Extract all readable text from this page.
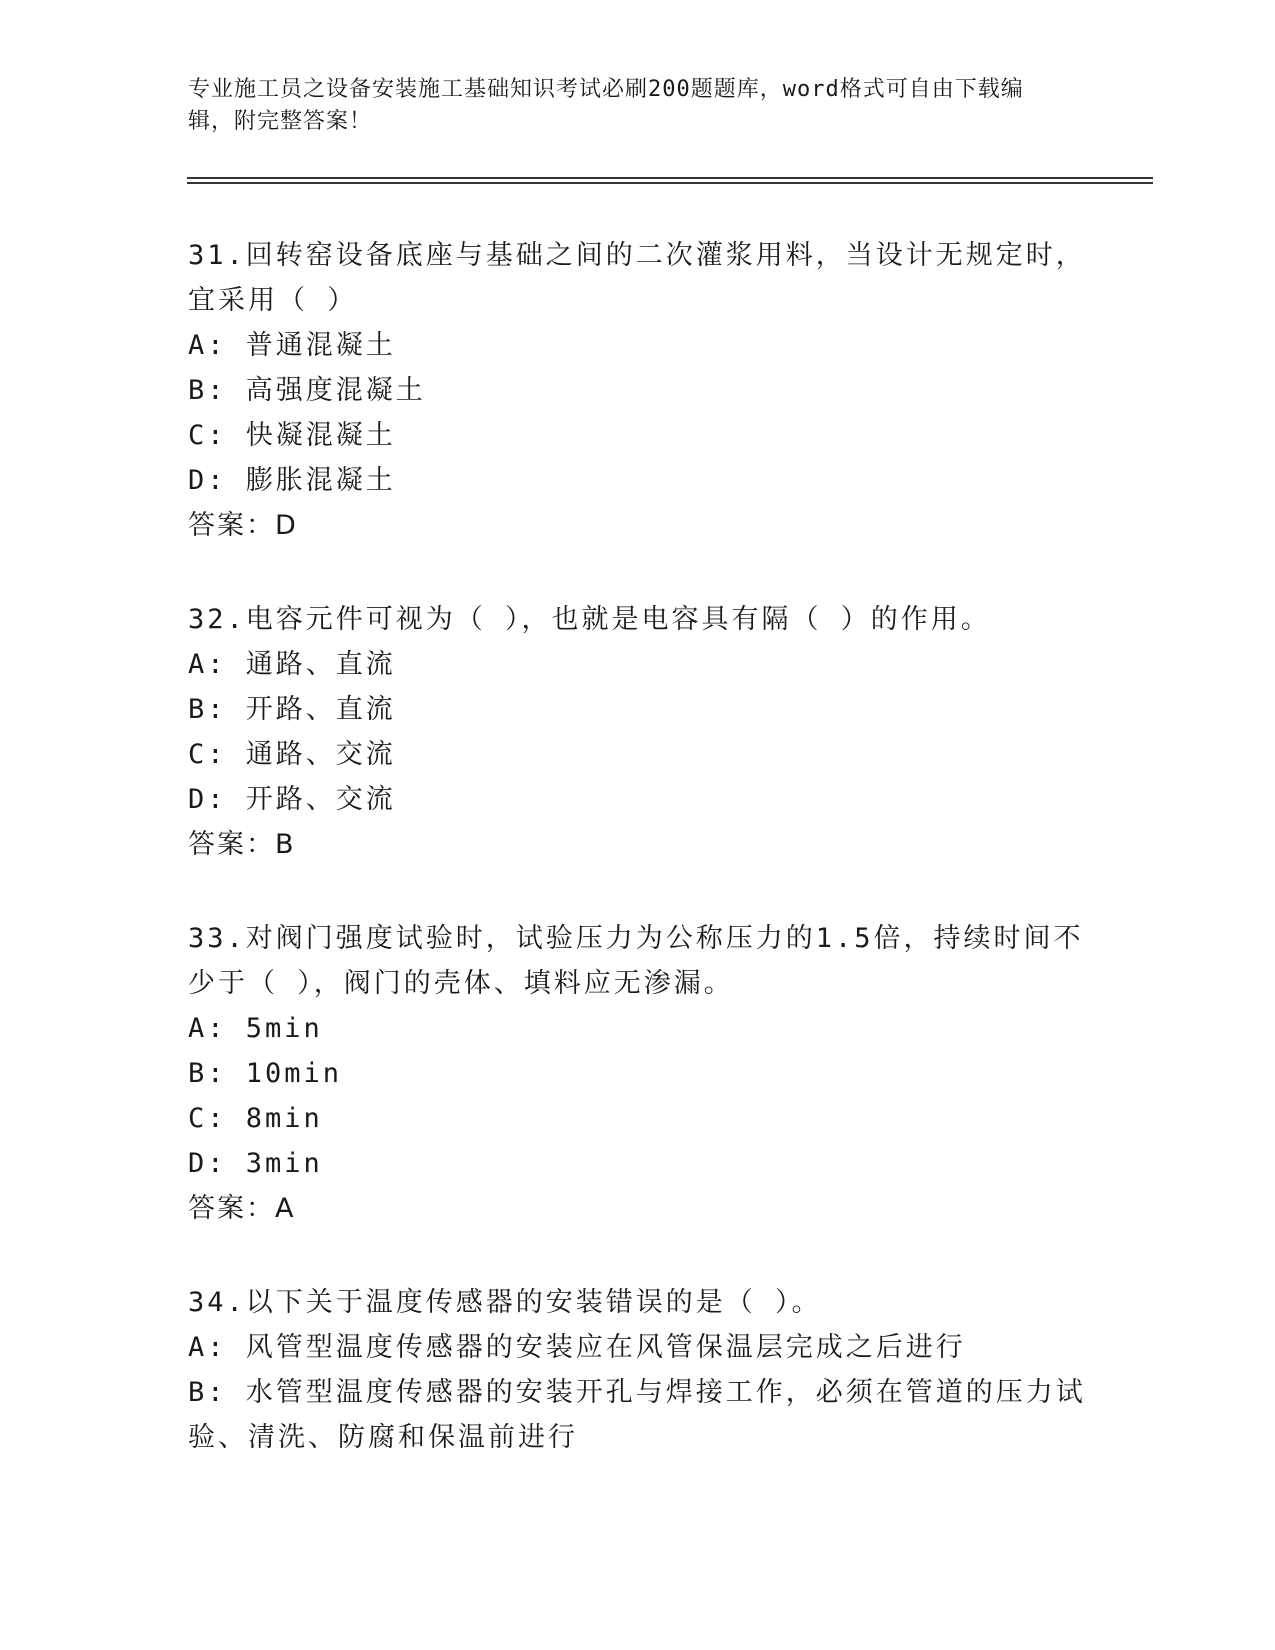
专业施工员之设备安装施工基础知识考试必刷200题题库，word格式可自由下载编辑，附完整答案！
31.回转窑设备底座与基础之间的二次灌浆用料，当设计无规定时，宜采用（ ）
A: 普通混凝土
B: 高强度混凝土
C: 快凝混凝土
D: 膨胀混凝土
答案：D
32.电容元件可视为（ ），也就是电容具有隔（ ）的作用。
A: 通路、直流
B: 开路、直流
C: 通路、交流
D: 开路、交流
答案：B
33.对阀门强度试验时，试验压力为公称压力的1.5倍，持续时间不少于（ ），阀门的壳体、填料应无渗漏。
A: 5min
B: 10min
C: 8min
D: 3min
答案：A
34.以下关于温度传感器的安装错误的是（ ）。
A: 风管型温度传感器的安装应在风管保温层完成之后进行
B: 水管型温度传感器的安装开孔与焊接工作，必须在管道的压力试验、清洗、防腐和保温前进行
